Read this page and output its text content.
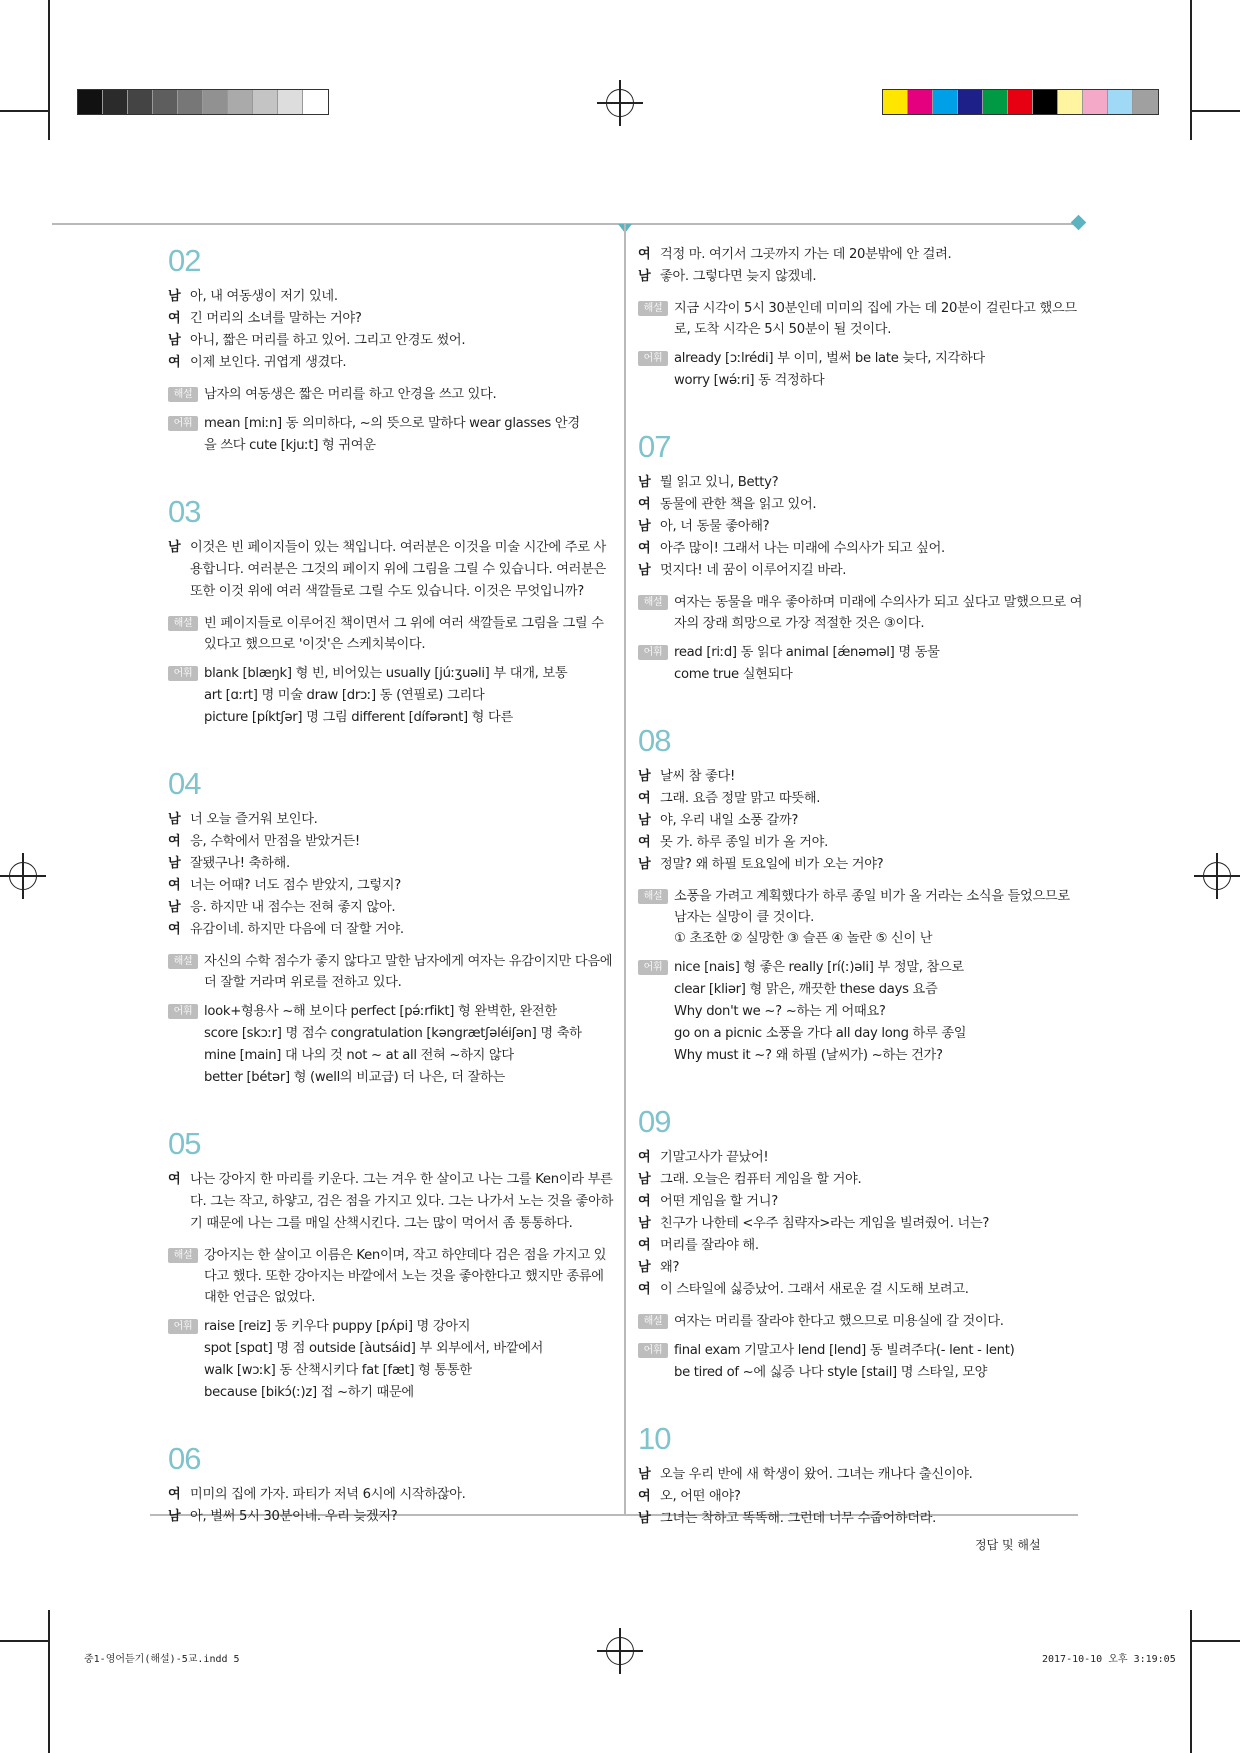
02
남 아, 내 여동생이 저기 있네.
여 긴 머리의 소녀를 말하는 거야?
남 아니, 짧은 머리를 하고 있어. 그리고 안경도 썼어.
여 이제 보인다. 귀엽게 생겼다.
해설 남자의 여동생은 짧은 머리를 하고 안경을 쓰고 있다.
어휘 mean [miːn] 동 의미하다, ~의 뜻으로 말하다 wear glasses 안경
을 쓰다 cute [kjuːt] 형 귀여운
03
남 이것은 빈 페이지들이 있는 책입니다. 여러분은 이것을 미술 시간에 주로 사용합니다. 여러분은 그것의 페이지 위에 그림을 그릴 수 있습니다. 여러분은 또한 이것 위에 여러 색깔들로 그릴 수도 있습니다. 이것은 무엇입니까?
해설 빈 페이지들로 이루어진 책이면서 그 위에 여러 색깔들로 그림을 그릴 수 있다고 했으므로 '이것'은 스케치북이다.
어휘 blank [blæŋk] 형 빈, 비어있는 usually [júːʒuəli] 부 대개, 보통
art [ɑːrt] 명 미술 draw [drɔː] 동 (연필로) 그리다
picture [píktʃər] 명 그림 different [dífərənt] 형 다른
04
남 너 오늘 즐거워 보인다.
여 응, 수학에서 만점을 받았거든!
남 잘됐구나! 축하해.
여 너는 어때? 너도 점수 받았지, 그렇지?
남 응. 하지만 내 점수는 전혀 좋지 않아.
여 유감이네. 하지만 다음에 더 잘할 거야.
해설 자신의 수학 점수가 좋지 않다고 말한 남자에게 여자는 유감이지만 다음에 더 잘할 거라며 위로를 전하고 있다.
어휘 look+형용사 ~해 보이다 perfect [pə́ːrfikt] 형 완벽한, 완전한
score [skɔːr] 명 점수 congratulation [kəngrætʃəléiʃən] 명 축하
mine [main] 대 나의 것 not ~ at all 전혀 ~하지 않다
better [bétər] 형 (well의 비교급) 더 나은, 더 잘하는
05
여 나는 강아지 한 마리를 키운다. 그는 겨우 한 살이고 나는 그를 Ken이라 부른다. 그는 작고, 하얗고, 검은 점을 가지고 있다. 그는 나가서 노는 것을 좋아하기 때문에 나는 그를 매일 산책시킨다. 그는 많이 먹어서 좀 통통하다.
해설 강아지는 한 살이고 이름은 Ken이며, 작고 하얀데다 검은 점을 가지고 있다고 했다. 또한 강아지는 바깥에서 노는 것을 좋아한다고 했지만 종류에 대한 언급은 없었다.
어휘 raise [reiz] 동 키우다 puppy [pʌ́pi] 명 강아지
spot [spɑt] 명 점 outside [àutsáid] 부 외부에서, 바깥에서
walk [wɔːk] 동 산책시키다 fat [fæt] 형 통통한
because [bikɔ́(ː)z] 접 ~하기 때문에
06
여 미미의 집에 가자. 파티가 저녁 6시에 시작하잖아.
남 아, 벌써 5시 30분이네. 우리 늦겠지?
여 걱정 마. 여기서 그곳까지 가는 데 20분밖에 안 걸려.
남 좋아. 그렇다면 늦지 않겠네.
해설 지금 시각이 5시 30분인데 미미의 집에 가는 데 20분이 걸린다고 했으므로, 도착 시각은 5시 50분이 될 것이다.
어휘 already [ɔːlrédi] 부 이미, 벌써 be late 늦다, 지각하다
worry [wə́ːri] 동 걱정하다
07
남 뭘 읽고 있니, Betty?
여 동물에 관한 책을 읽고 있어.
남 아, 너 동물 좋아해?
여 아주 많이! 그래서 나는 미래에 수의사가 되고 싶어.
남 멋지다! 네 꿈이 이루어지길 바라.
해설 여자는 동물을 매우 좋아하며 미래에 수의사가 되고 싶다고 말했으므로 여자의 장래 희망으로 가장 적절한 것은 ③이다.
어휘 read [riːd] 동 읽다 animal [ǽnəməl] 명 동물
come true 실현되다
08
남 날씨 참 좋다!
여 그래. 요즘 정말 맑고 따뜻해.
남 야, 우리 내일 소풍 갈까?
여 못 가. 하루 종일 비가 올 거야.
남 정말? 왜 하필 토요일에 비가 오는 거야?
해설 소풍을 가려고 계획했다가 하루 종일 비가 올 거라는 소식을 들었으므로 남자는 실망이 클 것이다.
① 초조한 ② 실망한 ③ 슬픈 ④ 놀란 ⑤ 신이 난
어휘 nice [nais] 형 좋은 really [rí(ː)əli] 부 정말, 참으로
clear [kliər] 형 맑은, 깨끗한 these days 요즘
Why don't we ~? ~하는 게 어때요?
go on a picnic 소풍을 가다 all day long 하루 종일
Why must it ~? 왜 하필 (날씨가) ~하는 건가?
09
여 기말고사가 끝났어!
남 그래. 오늘은 컴퓨터 게임을 할 거야.
여 어떤 게임을 할 거니?
남 친구가 나한테 <우주 침략자>라는 게임을 빌려줬어. 너는?
여 머리를 잘라야 해.
남 왜?
여 이 스타일에 싫증났어. 그래서 새로운 걸 시도해 보려고.
해설 여자는 머리를 잘라야 한다고 했으므로 미용실에 갈 것이다.
어휘 final exam 기말고사 lend [lend] 동 빌려주다(- lent - lent)
be tired of ~에 싫증 나다 style [stail] 명 스타일, 모양
10
남 오늘 우리 반에 새 학생이 왔어. 그녀는 캐나다 출신이야.
여 오, 어떤 애야?
남 그녀는 착하고 똑똑해. 그런데 너무 수줍어하더라.
정답 및 해설
중1-영어듣기(해설)-5교.indd 5	2017-10-10 오후 3:19:05
